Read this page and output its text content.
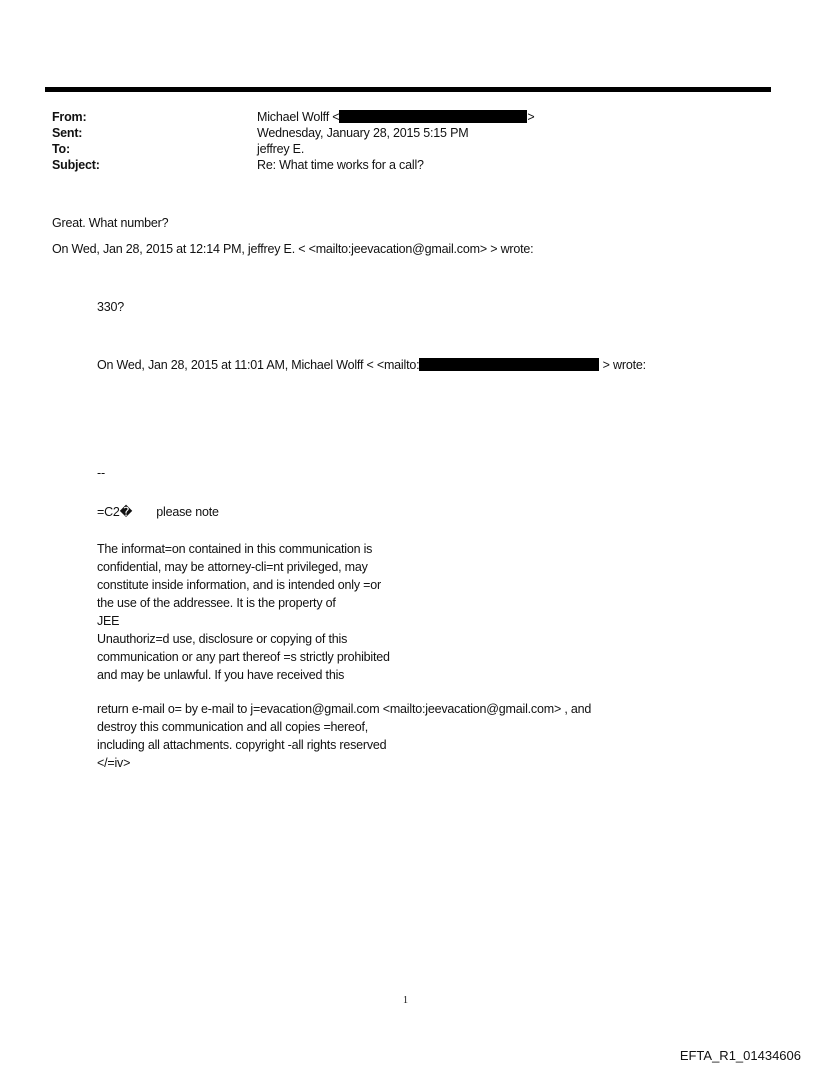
From:	Michael Wolff <	>
Sent:	Wednesday, January 28, 2015 5:15 PM
To:	jeffrey E.
Subject:	Re: What time works for a call?
Great. What number?
On Wed, Jan 28, 2015 at 12:14 PM, jeffrey E. < <mailto:jeevacation@gmail.com> > wrote:
330?
On Wed, Jan 28, 2015 at 11:01 AM, Michael Wolff < <mailto:	> wrote:
--
=C2� please note
The informat=on contained in this communication is
confidential, may be attorney-cli=nt privileged, may
constitute inside information, and is intended only =or
the use of the addressee. It is the property of
JEE
Unauthoriz=d use, disclosure or copying of this
communication or any part thereof =s strictly prohibited
and may be unlawful. If you have received this
return e-mail o= by e-mail to j=evacation@gmail.com <mailto:jeevacation@gmail.com> , and
destroy this communication and all copies =hereof,
including all attachments. copyright -all rights reserved
</=iv>
1
EFTA_R1_01434606
